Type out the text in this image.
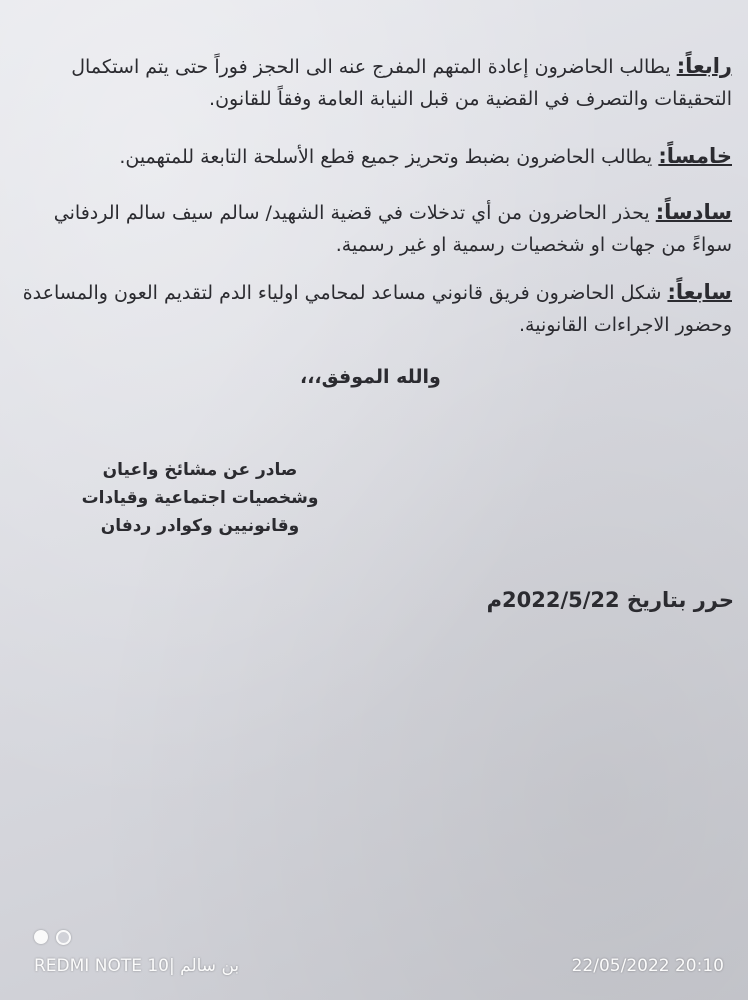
رابعاً: يطالب الحاضرون إعادة المتهم المفرج عنه الى الحجز فوراً حتى يتم استكمال التحقيقات والتصرف في القضية من قبل النيابة العامة وفقاً للقانون.
خامساً: يطالب الحاضرون بضبط وتحريز جميع قطع الأسلحة التابعة للمتهمين.
سادساً: يحذر الحاضرون من أي تدخلات في قضية الشهيد/ سالم سيف سالم الردفاني سواءً من جهات او شخصيات رسمية او غير رسمية.
سابعاً: شكل الحاضرون فريق قانوني مساعد لمحامي اولياء الدم لتقديم العون والمساعدة وحضور الاجراءات القانونية.
والله الموفق،،،
صادر عن مشائخ واعيان
وشخصيات اجتماعية وقيادات
وقانونيين وكوادر ردفان
حرر بتاريخ 2022/5/22م
REDMI NOTE 10| بن سالم	22/05/2022 20:10
